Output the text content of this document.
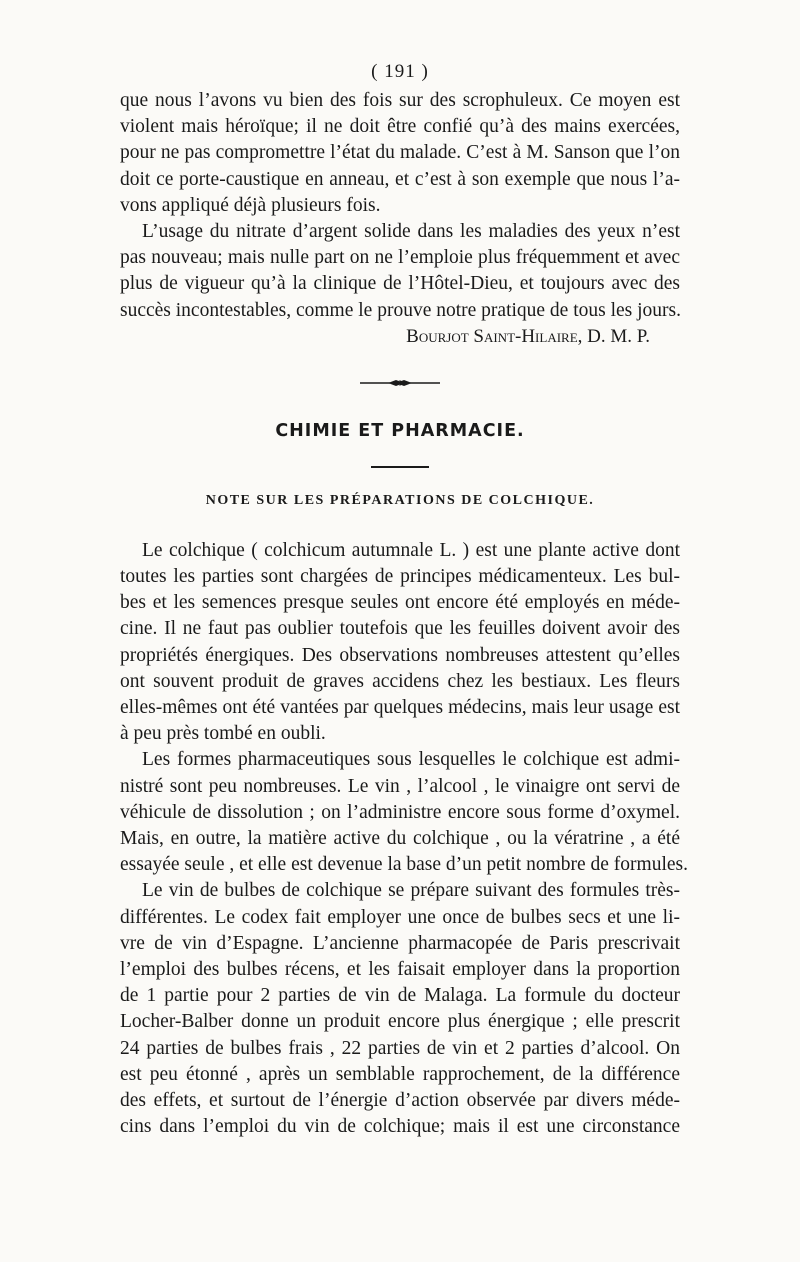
( 191 )

que nous l’avons vu bien des fois sur des scrophuleux. Ce moyen est
violent mais héroïque; il ne doit être confié qu’à des mains exercées,
pour ne pas compromettre l’état du malade. C’est à M. Sanson que l’on
doit ce porte-caustique en anneau, et c’est à son exemple que nous l’a-
vons appliqué déjà plusieurs fois.

L’usage du nitrate d’argent solide dans les maladies des yeux n’est
pas nouveau; mais nulle part on ne l’emploie plus fréquemment et avec
plus de vigueur qu’à la clinique de l’Hôtel-Dieu, et toujours avec des
succès incontestables, comme le prouve notre pratique de tous les jours.

Bourjot Saint-Hilaire, D. M. P.

CHIMIE ET PHARMACIE.
NOTE SUR LES PRÉPARATIONS DE COLCHIQUE.

Le colchique ( colchicum autumnale L. ) est une plante active dont
toutes les parties sont chargées de principes médicamenteux. Les bul-
bes et les semences presque seules ont encore été employés en méde-
cine. Il ne faut pas oublier toutefois que les feuilles doivent avoir des
propriétés énergiques. Des observations nombreuses attestent qu’elles
ont souvent produit de graves accidens chez les bestiaux. Les fleurs
elles-mêmes ont été vantées par quelques médecins, mais leur usage est
à peu près tombé en oubli.

Les formes pharmaceutiques sous lesquelles le colchique est admi-
nistré sont peu nombreuses. Le vin , l’alcool , le vinaigre ont servi de
véhicule de dissolution ; on l’administre encore sous forme d’oxymel.
Mais, en outre, la matière active du colchique , ou la vératrine , a été
essayée seule , et elle est devenue la base d’un petit nombre de formules.

Le vin de bulbes de colchique se prépare suivant des formules très-
différentes. Le codex fait employer une once de bulbes secs et une li-
vre de vin d’Espagne. L’ancienne pharmacopée de Paris prescrivait
l’emploi des bulbes récens, et les faisait employer dans la proportion
de 1 partie pour 2 parties de vin de Malaga. La formule du docteur
Locher-Balber donne un produit encore plus énergique ; elle prescrit
24 parties de bulbes frais , 22 parties de vin et 2 parties d’alcool. On
est peu étonné , après un semblable rapprochement, de la différence
des effets, et surtout de l’énergie d’action observée par divers méde-
cins dans l’emploi du vin de colchique; mais il est une circonstance
